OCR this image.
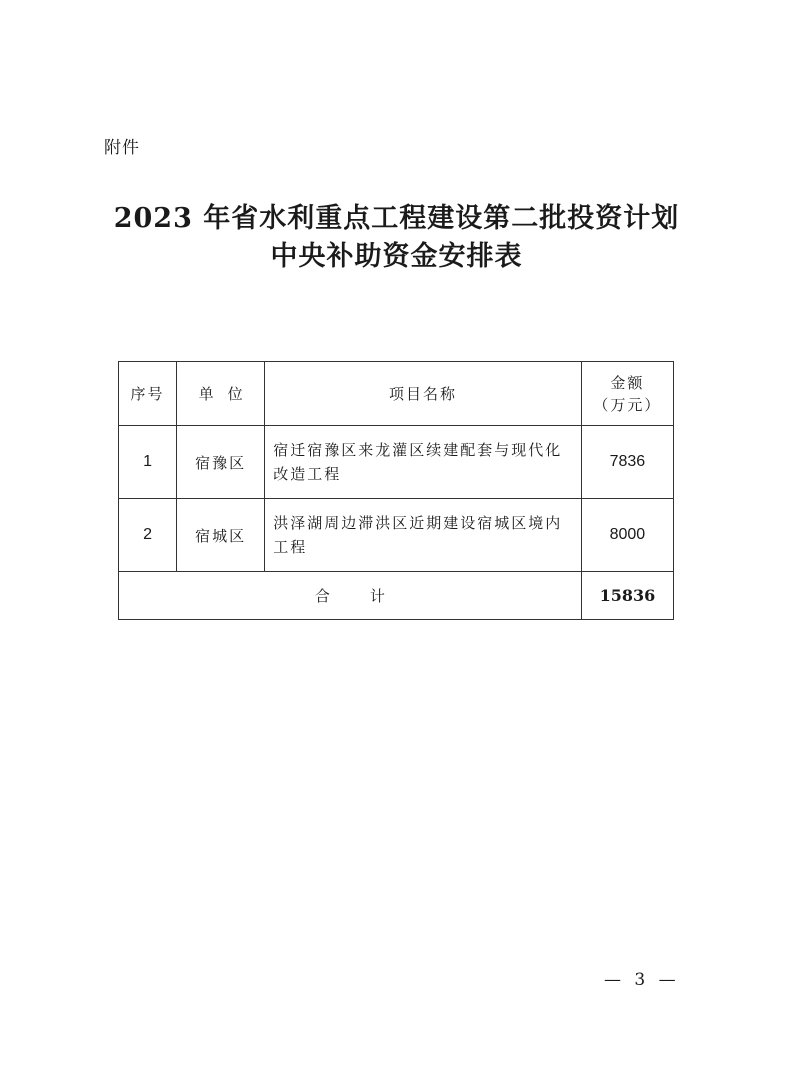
附件
2023 年省水利重点工程建设第二批投资计划
中央补助资金安排表
序号	单位	项目名称	金额
（万元）

1	宿豫区	宿迁宿豫区来龙灌区续建配套与现代化改造工程	7836
2	宿城区	洪泽湖周边滞洪区近期建设宿城区境内工程	8000
合计			15836
— 3 —
